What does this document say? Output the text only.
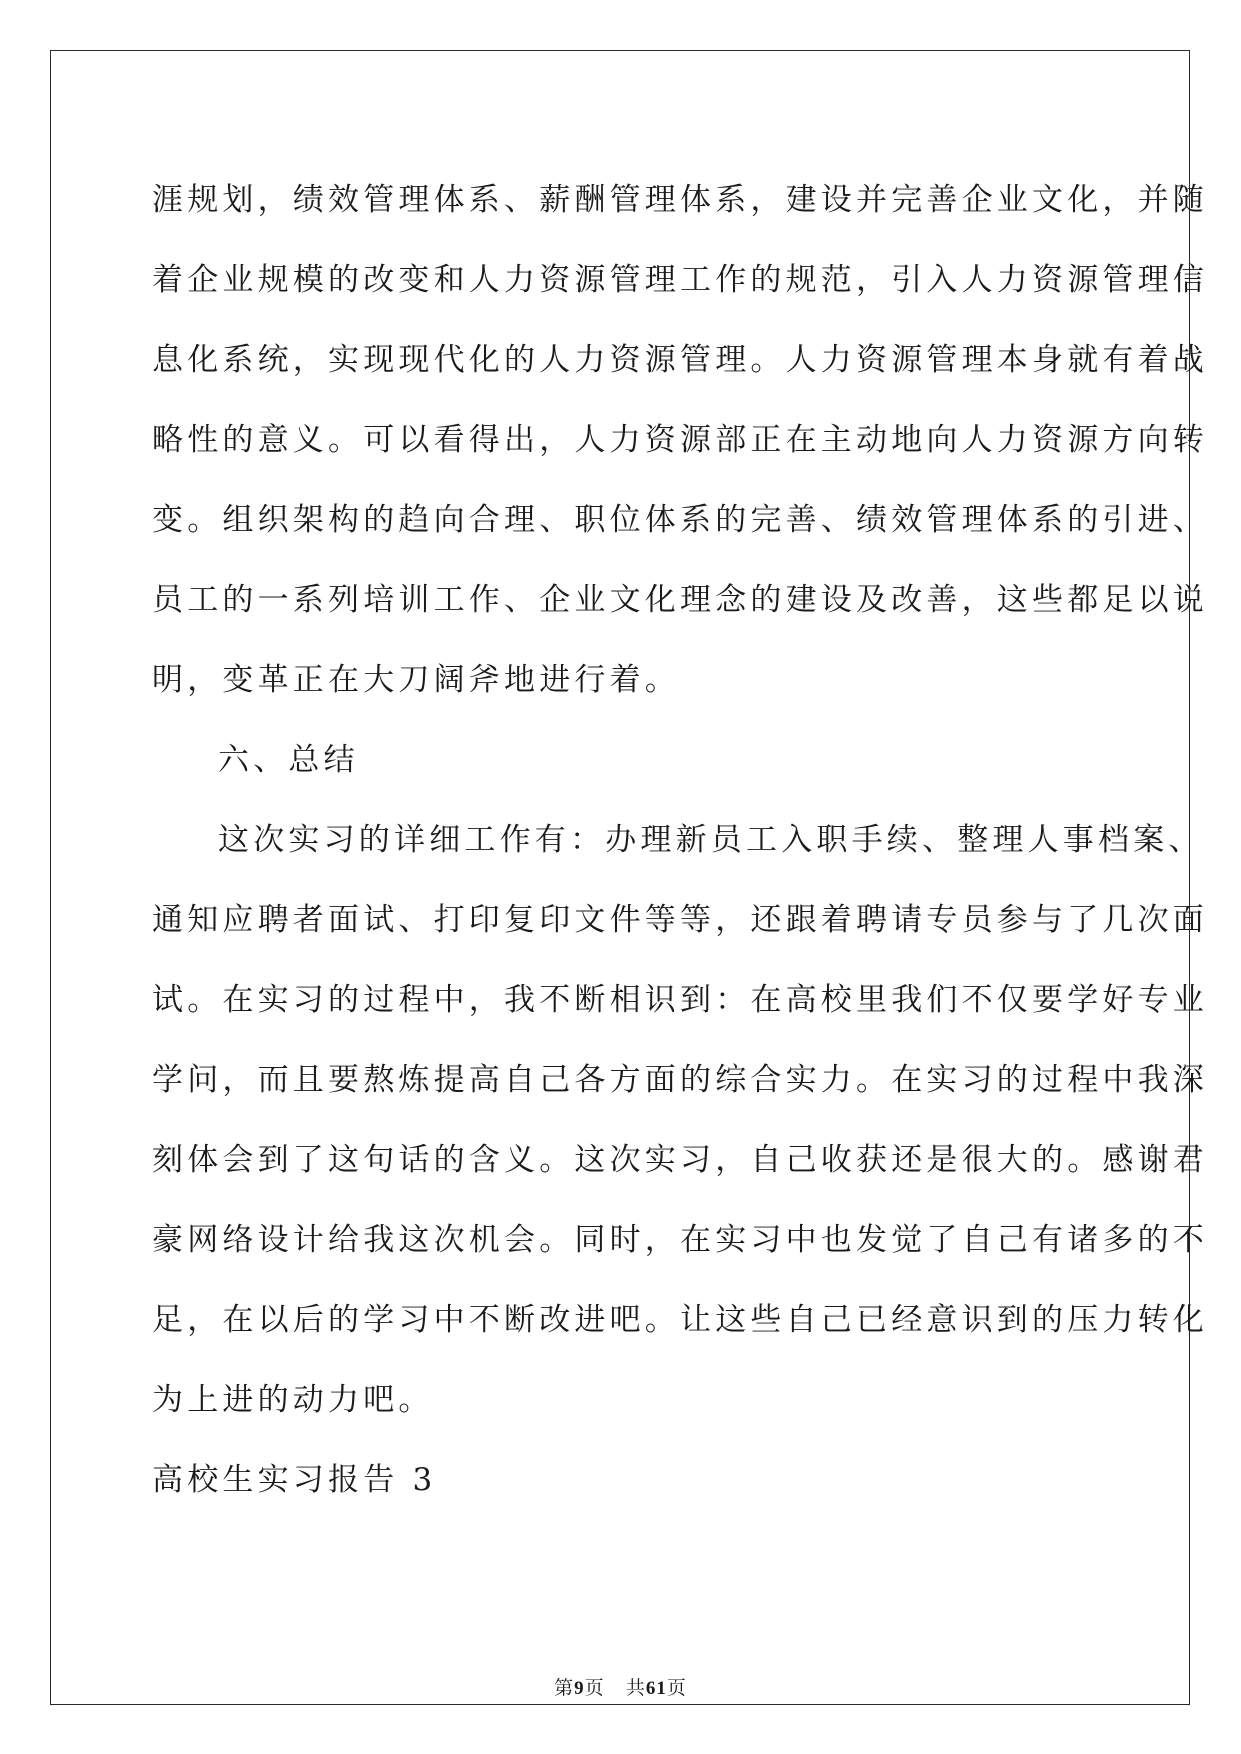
涯规划，绩效管理体系、薪酬管理体系，建设并完善企业文化，并随
着企业规模的改变和人力资源管理工作的规范，引入人力资源管理信
息化系统，实现现代化的人力资源管理。人力资源管理本身就有着战
略性的意义。可以看得出，人力资源部正在主动地向人力资源方向转
变。组织架构的趋向合理、职位体系的完善、绩效管理体系的引进、
员工的一系列培训工作、企业文化理念的建设及改善，这些都足以说
明，变革正在大刀阔斧地进行着。
六、总结
这次实习的详细工作有：办理新员工入职手续、整理人事档案、
通知应聘者面试、打印复印文件等等，还跟着聘请专员参与了几次面
试。在实习的过程中，我不断相识到：在高校里我们不仅要学好专业
学问，而且要熬炼提高自己各方面的综合实力。在实习的过程中我深
刻体会到了这句话的含义。这次实习，自己收获还是很大的。感谢君
豪网络设计给我这次机会。同时，在实习中也发觉了自己有诸多的不
足，在以后的学习中不断改进吧。让这些自己已经意识到的压力转化
为上进的动力吧。
高校生实习报告 3
第9页 共61页
